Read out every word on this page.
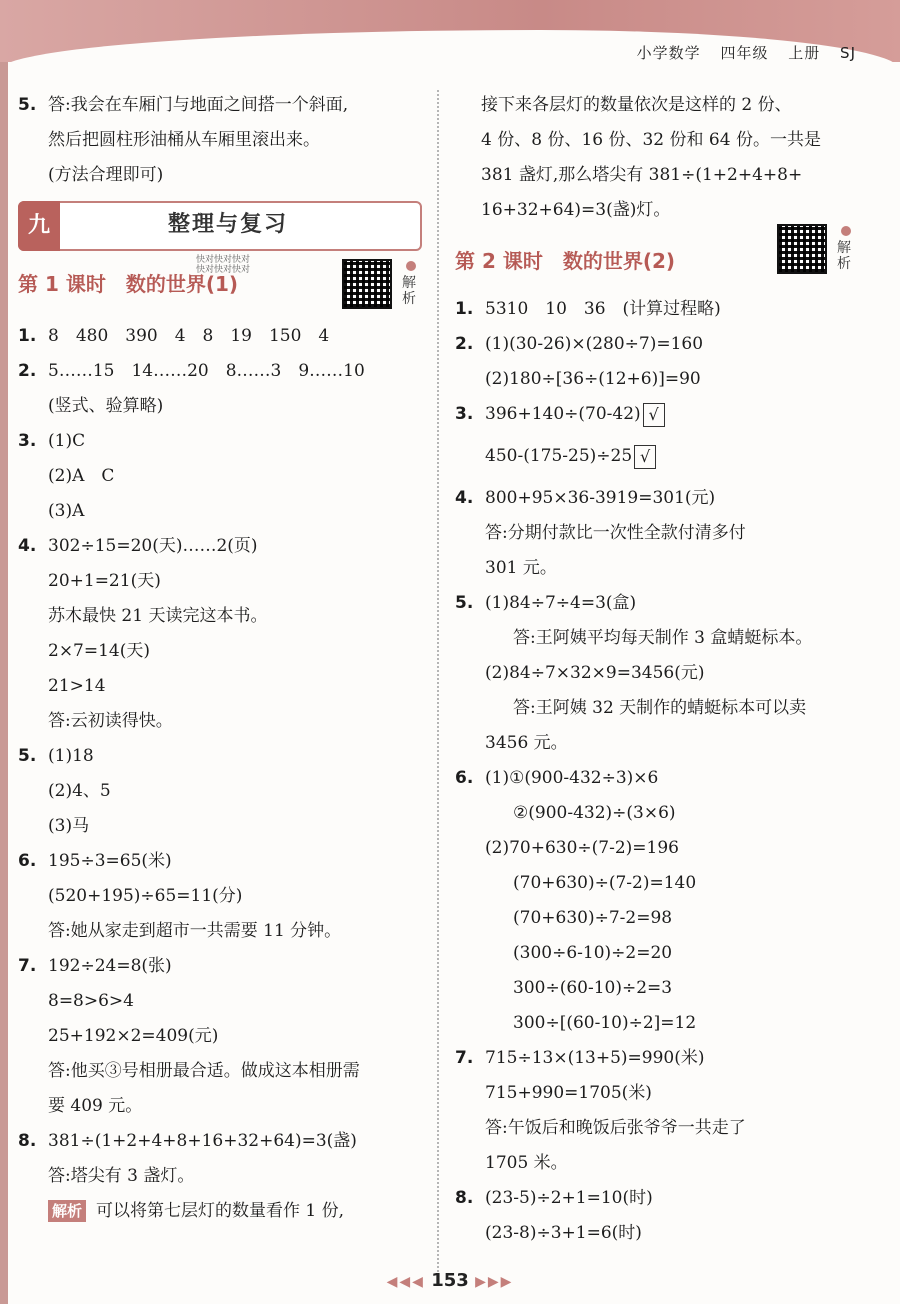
小学数学 四年级 上册 SJ
5. 答:我会在车厢门与地面之间搭一个斜面,
然后把圆柱形油桶从车厢里滚出来。
(方法合理即可)
九	整理与复习
第 1 课时　数的世界(1)
快对快对快对
快对快对快对
解析
1. 8　480　390　4　8　19　150　4
2. 5……15　14……20　8……3　9……10
(竖式、验算略)
3. (1)C
(2)A　C
(3)A
4. 302÷15=20(天)……2(页)
20+1=21(天)
苏木最快 21 天读完这本书。
2×7=14(天)
21>14
答:云初读得快。
5. (1)18
(2)4、5
(3)马
6. 195÷3=65(米)
(520+195)÷65=11(分)
答:她从家走到超市一共需要 11 分钟。
7. 192÷24=8(张)
8=8>6>4
25+192×2=409(元)
答:他买③号相册最合适。做成这本相册需
要 409 元。
8. 381÷(1+2+4+8+16+32+64)=3(盏)
答:塔尖有 3 盏灯。
解析 可以将第七层灯的数量看作 1 份,
接下来各层灯的数量依次是这样的 2 份、
4 份、8 份、16 份、32 份和 64 份。一共是
381 盏灯,那么塔尖有 381÷(1+2+4+8+
16+32+64)=3(盏)灯。
第 2 课时　数的世界(2)
解析
1. 5310　10　36　(计算过程略)
2. (1)(30-26)×(280÷7)=160
(2)180÷[36÷(12+6)]=90
3. 396+140÷(70-42) √
450-(175-25)÷25 √
4. 800+95×36-3919=301(元)
答:分期付款比一次性全款付清多付
301 元。
5. (1)84÷7÷4=3(盒)
答:王阿姨平均每天制作 3 盒蜻蜓标本。
(2)84÷7×32×9=3456(元)
答:王阿姨 32 天制作的蜻蜓标本可以卖
3456 元。
6. (1)①(900-432÷3)×6
②(900-432)÷(3×6)
(2)70+630÷(7-2)=196
(70+630)÷(7-2)=140
(70+630)÷7-2=98
(300÷6-10)÷2=20
300÷(60-10)÷2=3
300÷[(60-10)÷2]=12
7. 715÷13×(13+5)=990(米)
715+990=1705(米)
答:午饭后和晚饭后张爷爷一共走了
1705 米。
8. (23-5)÷2+1=10(时)
(23-8)÷3+1=6(时)
◀◀◀ 153 ▶▶▶
